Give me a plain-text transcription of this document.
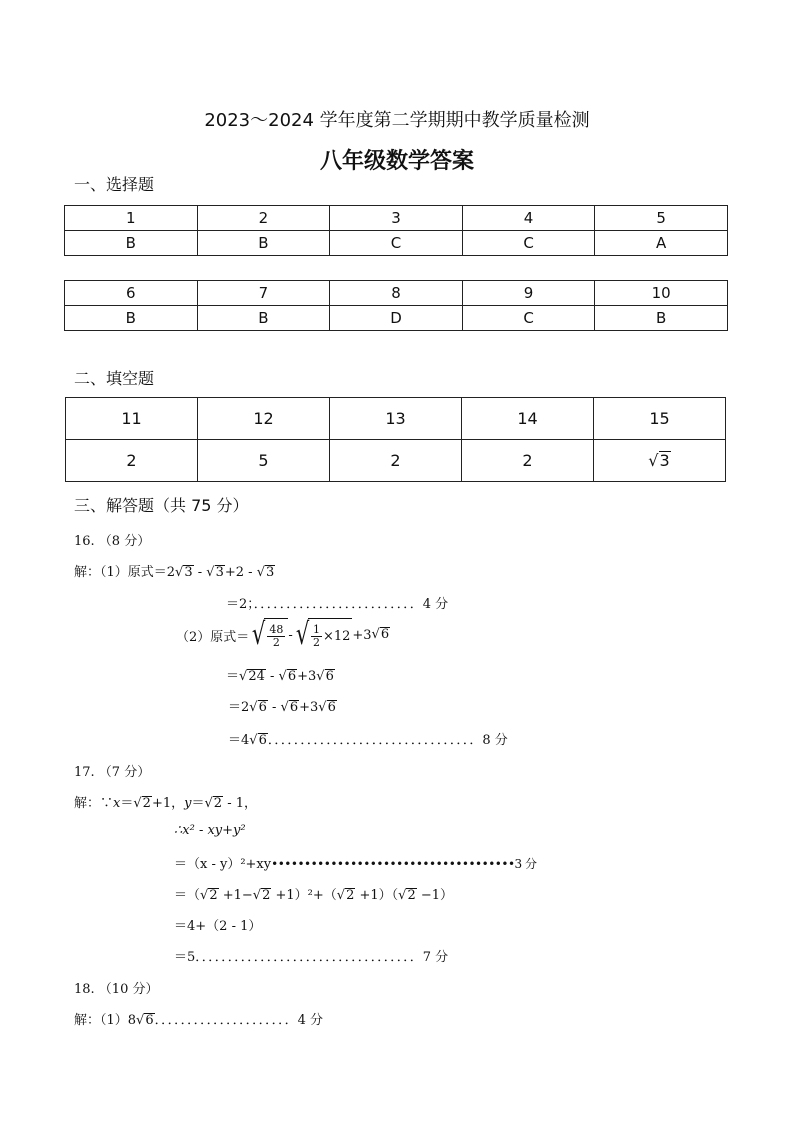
2023～2024 学年度第二学期期中教学质量检测
八年级数学答案
一、选择题
1	2	3	4	5
B	B	C	C	A
6	7	8	9	10
B	B	D	C	B
二、填空题
11	12	13	14	15
2	5	2	2	√ 3
三、解答题（共 75 分）
16. （8 分）
解：（1）原式＝2 √ 3 - √ 3 +2 - √ 3
＝2；．．．．．．．．．．．．．．．．．．．．．．．．．4 分
（2）原式＝ √ $\frac{48}{2}$ - √ $\frac{1}{2} \times 12 +3$ √ 6
＝ √ 24 - √ 6 +3 √ 6
＝2 √ 6 - √ 6 +3 √ 6
＝4 √ 6 ．．．．．．．．．．．．．．．．．．．．．．．．．．．．．．．．8 分
17. （7 分）
解：∵x＝ √ 2 +1，y＝ √ 2 - 1，
∴x² - xy+y²
＝（x - y）²+xy•••••••••••••••••••••••••••••••••••••3 分
＝（ √ 2 +1− √ 2 +1）²+（ √ 2 +1）（ √ 2 −1）
＝4+（2 - 1）
＝5．．．．．．．．．．．．．．．．．．．．．．．．．．．．．．．．．．7 分
18. （10 分）
解：（1）8 √ 6 ．．．．．．．．．．．．．．．．．．．．．4 分
